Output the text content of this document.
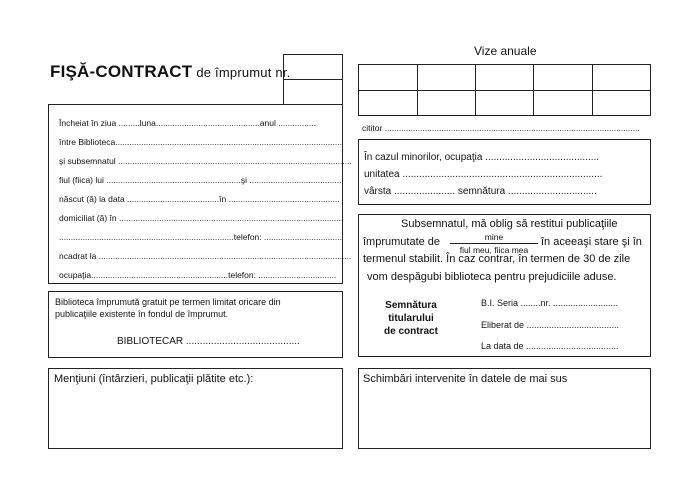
FIŞĂ-CONTRACT de împrumut nr.
Încheiat în ziua .........luna............................................anul ................
între Biblioteca................................................................................................
şi subsemnatul ...................................................................................................
fiul (fiica) lui .........................................................şi .......................................
născut (ă) la data .......................................în ...............................................
domiciliat (ă) în ...............................................................................................
..........................................................................telefon: .................................
ncadrat la ...........................................................................................................
ocupaţia..........................................................telefon: .................................
Biblioteca împrumută gratuit pe termen limitat oricare din
publicaţiile existente în fondul de împrumut.
BIBLIOTECAR .........................................
Menţiuni (întârzieri, publicaţii plătite etc.):
Vize anuale
cititor ............................................................................................................
În cazul minorilor, ocupaţia .........................................
unitatea ........................................................................
vârsta ...................... semnătura ................................
Subsemnatul, mă oblig să restitui publicaţiile
împrumutate de	mine
fiul meu, fiica mea
în aceeaşi stare şi în
termenul stabilit. În caz contrar, în termen de 30 de zile
vom despăgubi biblioteca pentru prejudiciile aduse.
Semnătura
titularului
de contract
B.I. Seria ........nr. ..........................
Eliberat de .....................................
La data de .....................................
Schimbări intervenite în datele de mai sus
